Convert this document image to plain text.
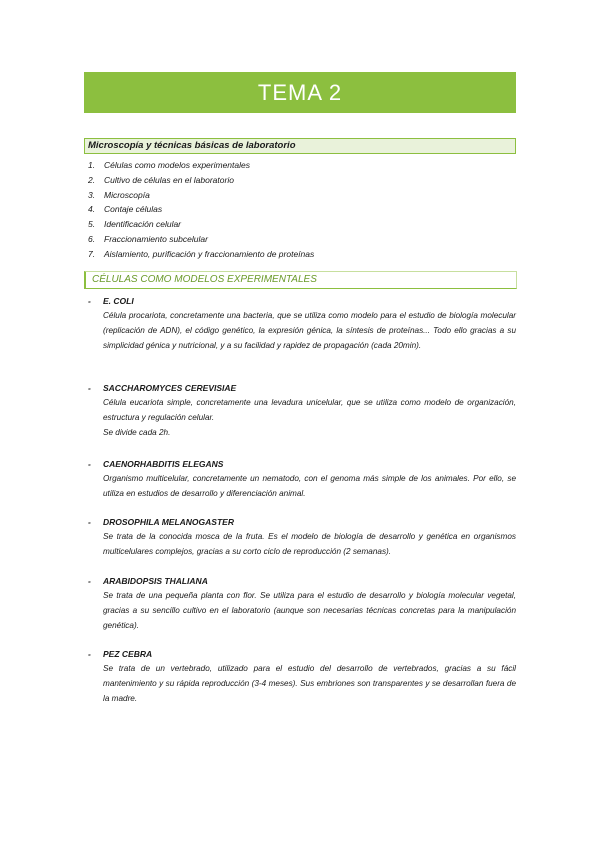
TEMA 2
Microscopía y técnicas básicas de laboratorio
1. Células como modelos experimentales
2. Cultivo de células en el laboratorio
3. Microscopía
4. Contaje células
5. Identificación celular
6. Fraccionamiento subcelular
7. Aislamiento, purificación y fraccionamiento de proteínas
CÉLULAS COMO MODELOS EXPERIMENTALES
- E. COLI
Célula procariota, concretamente una bacteria, que se utiliza como modelo para el estudio de biología molecular (replicación de ADN), el código genético, la expresión génica, la síntesis de proteínas... Todo ello gracias a su simplicidad génica y nutricional, y a su facilidad y rapidez de propagación (cada 20min).
- SACCHAROMYCES CEREVISIAE
Célula eucariota simple, concretamente una levadura unicelular, que se utiliza como modelo de organización, estructura y regulación celular.
Se divide cada 2h.
- CAENORHABDITIS ELEGANS
Organismo multicelular, concretamente un nematodo, con el genoma más simple de los animales. Por ello, se utiliza en estudios de desarrollo y diferenciación animal.
- DROSOPHILA MELANOGASTER
Se trata de la conocida mosca de la fruta. Es el modelo de biología de desarrollo y genética en organismos multicelulares complejos, gracias a su corto ciclo de reproducción (2 semanas).
- ARABIDOPSIS THALIANA
Se trata de una pequeña planta con flor. Se utiliza para el estudio de desarrollo y biología molecular vegetal, gracias a su sencillo cultivo en el laboratorio (aunque son necesarias técnicas concretas para la manipulación genética).
- PEZ CEBRA
Se trata de un vertebrado, utilizado para el estudio del desarrollo de vertebrados, gracias a su fácil mantenimiento y su rápida reproducción (3-4 meses). Sus embriones son transparentes y se desarrollan fuera de la madre.
